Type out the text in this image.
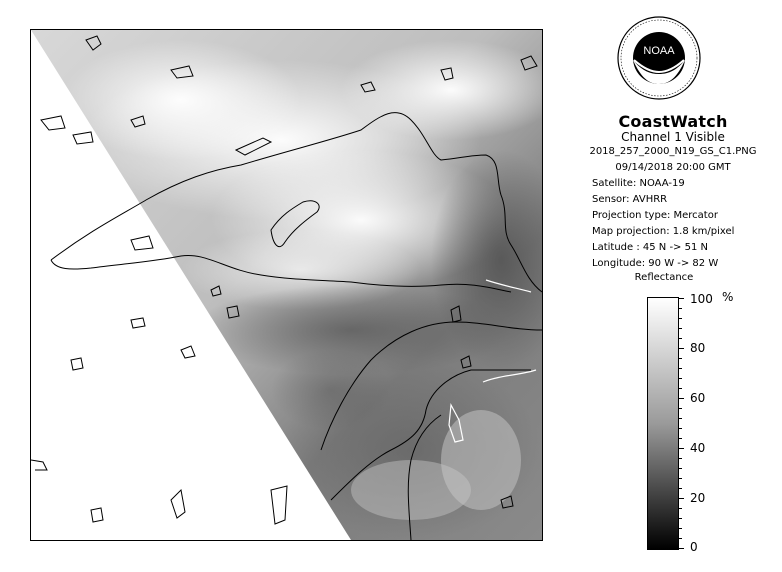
NOAA
CoastWatch
Channel 1 Visible
2018_257_2000_N19_GS_C1.PNG
09/14/2018 20:00 GMT
Satellite: NOAA-19
Sensor: AVHRR
Projection type: Mercator
Map projection: 1.8 km/pixel
Latitude : 45 N -> 51 N
Longitude: 90 W -> 82 W
Reflectance
%
100
80
60
40
20
0
